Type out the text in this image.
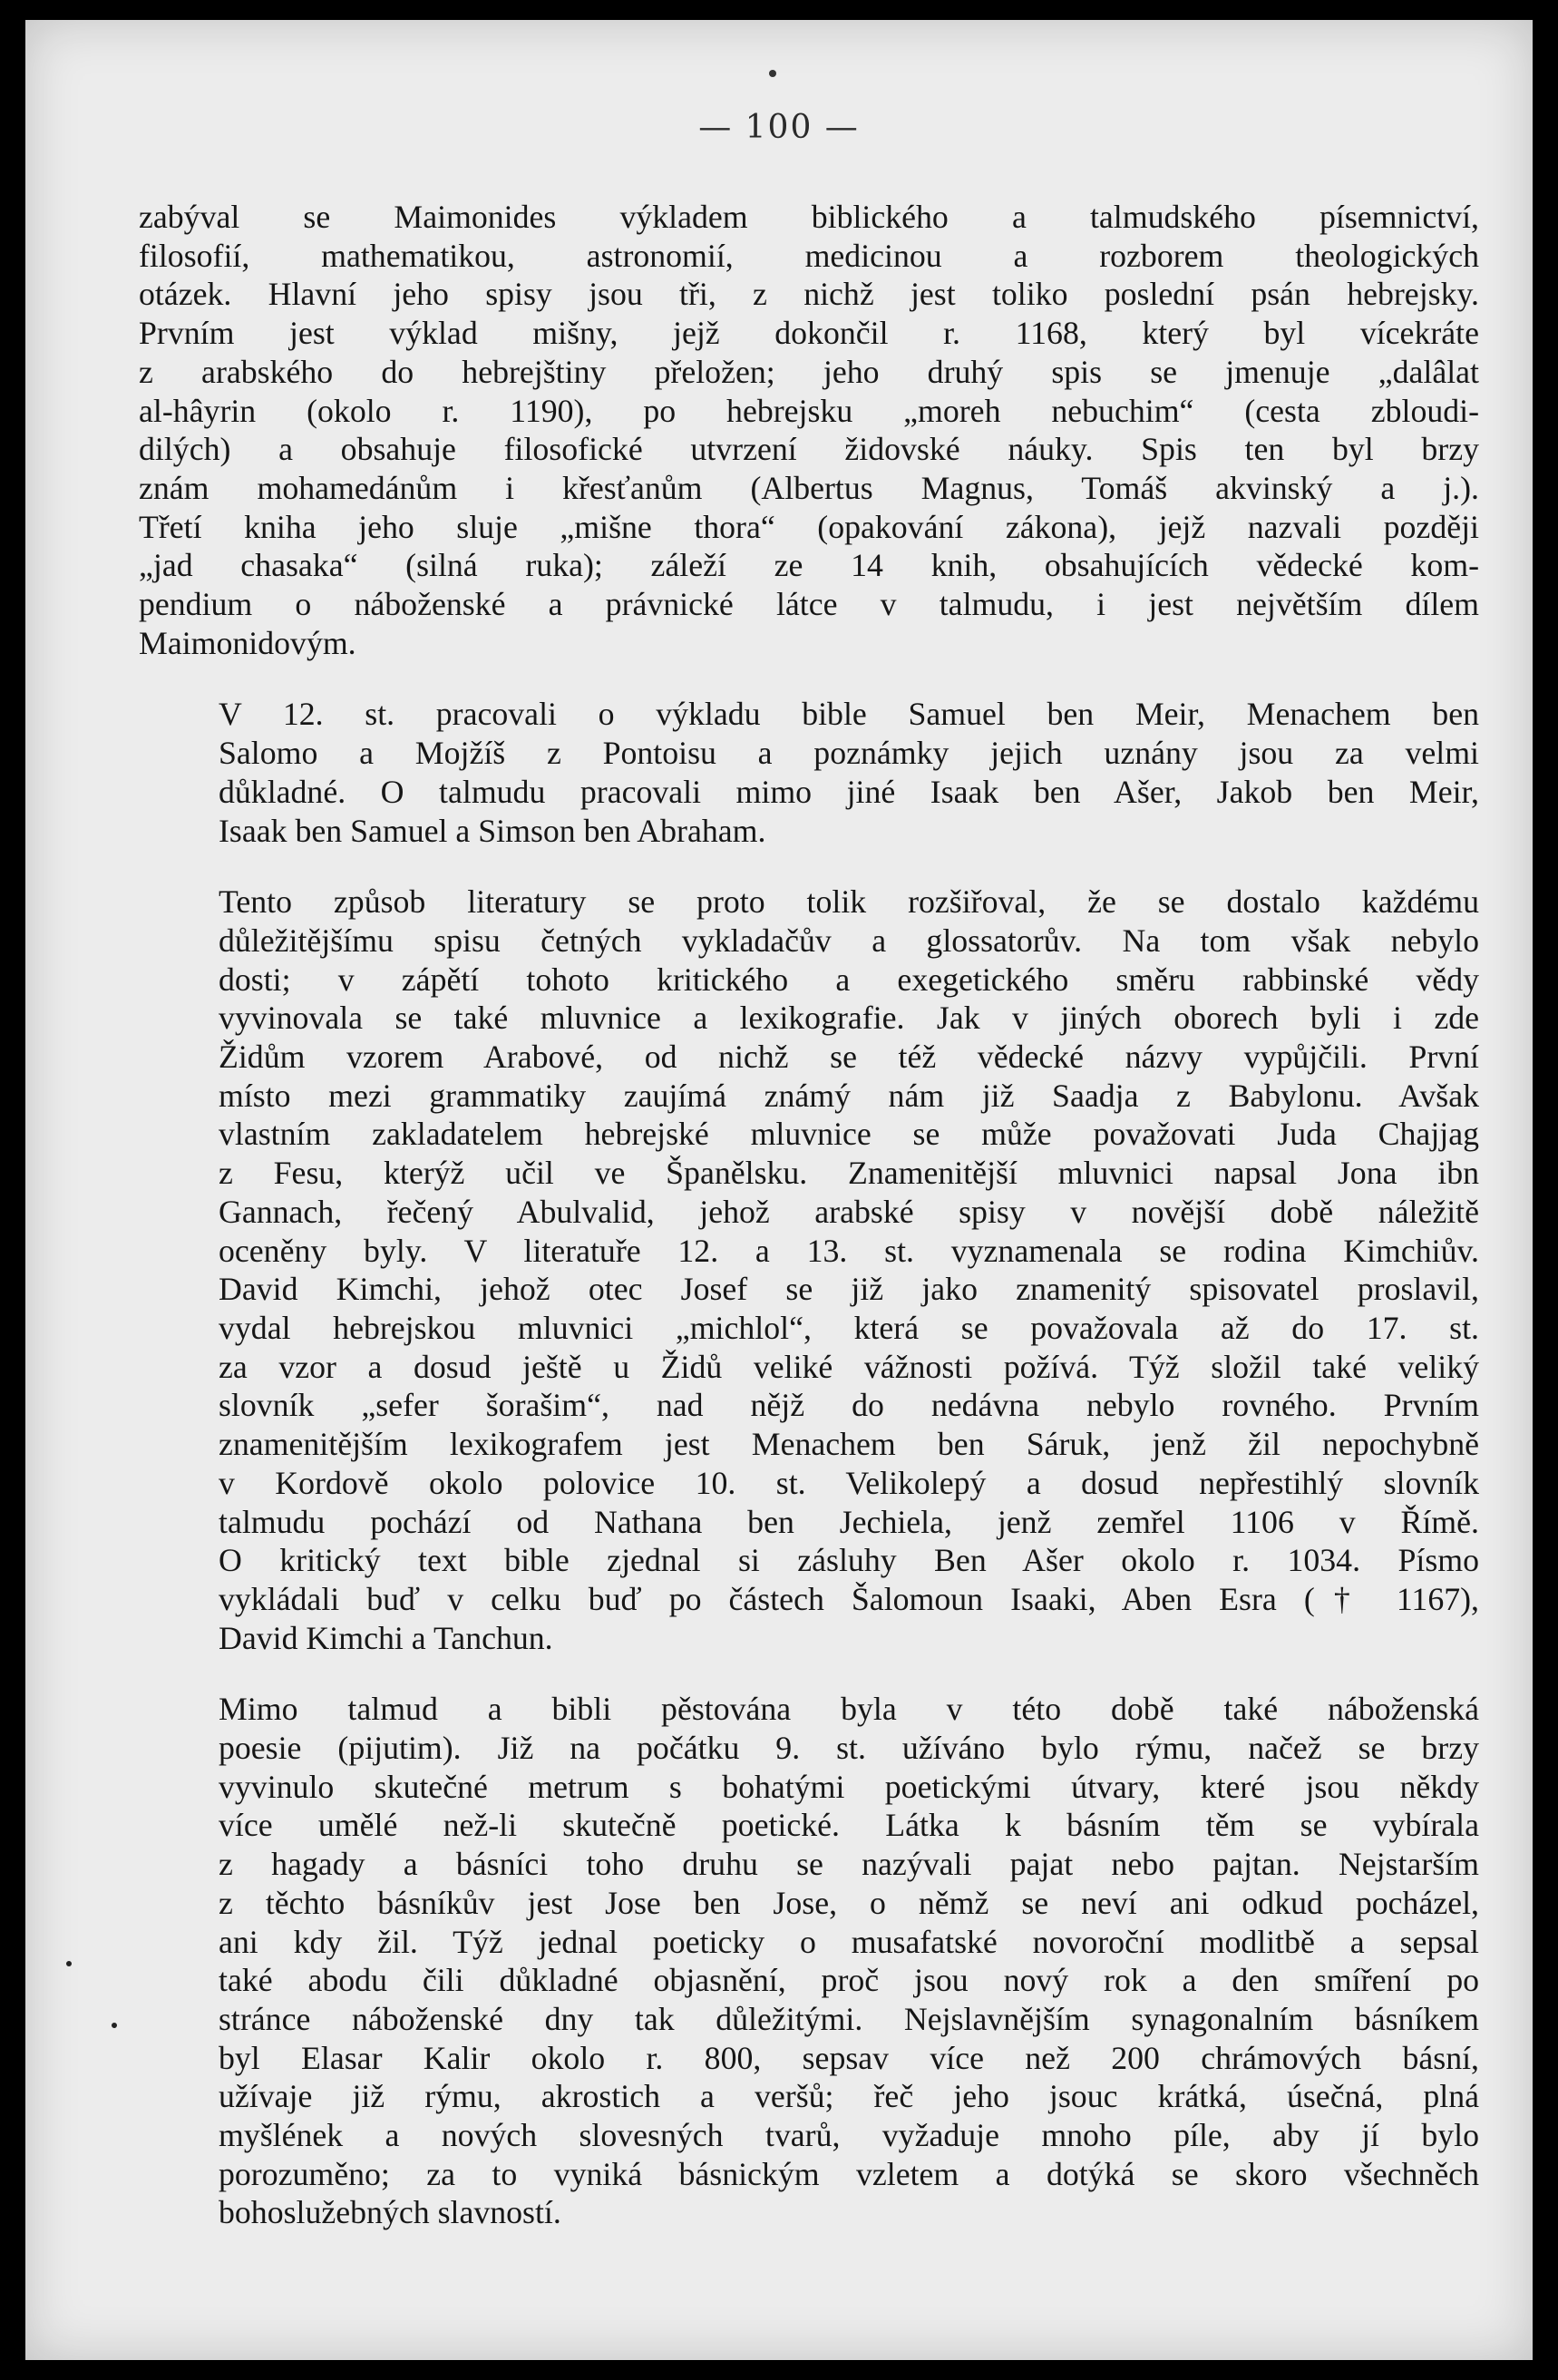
— 100 —
zabýval se Maimonides výkladem biblického a talmudského písemnictví,
filosofií, mathematikou, astronomií, medicinou a rozborem theologických
otázek. Hlavní jeho spisy jsou tři, z nichž jest toliko poslední psán hebrejsky.
Prvním jest výklad mišny, jejž dokončil r. 1168, který byl vícekráte
z arabského do hebrejštiny přeložen; jeho druhý spis se jmenuje „dalâlat
al-hâyrin (okolo r. 1190), po hebrejsku „moreh nebuchim“ (cesta zbloudi-
dilých) a obsahuje filosofické utvrzení židovské náuky. Spis ten byl brzy
znám mohamedánům i křesťanům (Albertus Magnus, Tomáš akvinský a j.).
Třetí kniha jeho sluje „mišne thora“ (opakování zákona), jejž nazvali později
„jad chasaka“ (silná ruka); záleží ze 14 knih, obsahujících vědecké kom-
pendium o náboženské a právnické látce v talmudu, i jest největším dílem
Maimonidovým.
V 12. st. pracovali o výkladu bible Samuel ben Meir, Menachem ben
Salomo a Mojžíš z Pontoisu a poznámky jejich uznány jsou za velmi
důkladné. O talmudu pracovali mimo jiné Isaak ben Ašer, Jakob ben Meir,
Isaak ben Samuel a Simson ben Abraham.
Tento způsob literatury se proto tolik rozšiřoval, že se dostalo každému
důležitějšímu spisu četných vykladačův a glossatorův. Na tom však nebylo
dosti; v zápětí tohoto kritického a exegetického směru rabbinské vědy
vyvinovala se také mluvnice a lexikografie. Jak v jiných oborech byli i zde
Židům vzorem Arabové, od nichž se též vědecké názvy vypůjčili. První
místo mezi grammatiky zaujímá známý nám již Saadja z Babylonu. Avšak
vlastním zakladatelem hebrejské mluvnice se může považovati Juda Chajjag
z Fesu, kterýž učil ve Španělsku. Znamenitější mluvnici napsal Jona ibn
Gannach, řečený Abulvalid, jehož arabské spisy v novější době náležitě
oceněny byly. V literatuře 12. a 13. st. vyznamenala se rodina Kimchiův.
David Kimchi, jehož otec Josef se již jako znamenitý spisovatel proslavil,
vydal hebrejskou mluvnici „michlol“, která se považovala až do 17. st.
za vzor a dosud ještě u Židů veliké vážnosti požívá. Týž složil také veliký
slovník „sefer šorašim“, nad nějž do nedávna nebylo rovného. Prvním
znamenitějším lexikografem jest Menachem ben Sáruk, jenž žil nepochybně
v Kordově okolo polovice 10. st. Velikolepý a dosud nepřestihlý slovník
talmudu pochází od Nathana ben Jechiela, jenž zemřel 1106 v Římě.
O kritický text bible zjednal si zásluhy Ben Ašer okolo r. 1034. Písmo
vykládali buď v celku buď po částech Šalomoun Isaaki, Aben Esra († 1167),
David Kimchi a Tanchun.
Mimo talmud a bibli pěstována byla v této době také náboženská
poesie (pijutim). Již na počátku 9. st. užíváno bylo rýmu, načež se brzy
vyvinulo skutečné metrum s bohatými poetickými útvary, které jsou někdy
více umělé než-li skutečně poetické. Látka k básním těm se vybírala
z hagady a básníci toho druhu se nazývali pajat nebo pajtan. Nejstarším
z těchto básníkův jest Jose ben Jose, o němž se neví ani odkud pocházel,
ani kdy žil. Týž jednal poeticky o musafatské novoroční modlitbě a sepsal
také abodu čili důkladné objasnění, proč jsou nový rok a den smíření po
stránce náboženské dny tak důležitými. Nejslavnějším synagonalním básníkem
byl Elasar Kalir okolo r. 800, sepsav více než 200 chrámových básní,
užívaje již rýmu, akrostich a veršů; řeč jeho jsouc krátká, úsečná, plná
myšlének a nových slovesných tvarů, vyžaduje mnoho píle, aby jí bylo
porozuměno; za to vyniká básnickým vzletem a dotýká se skoro všechněch
bohoslužebných slavností.
